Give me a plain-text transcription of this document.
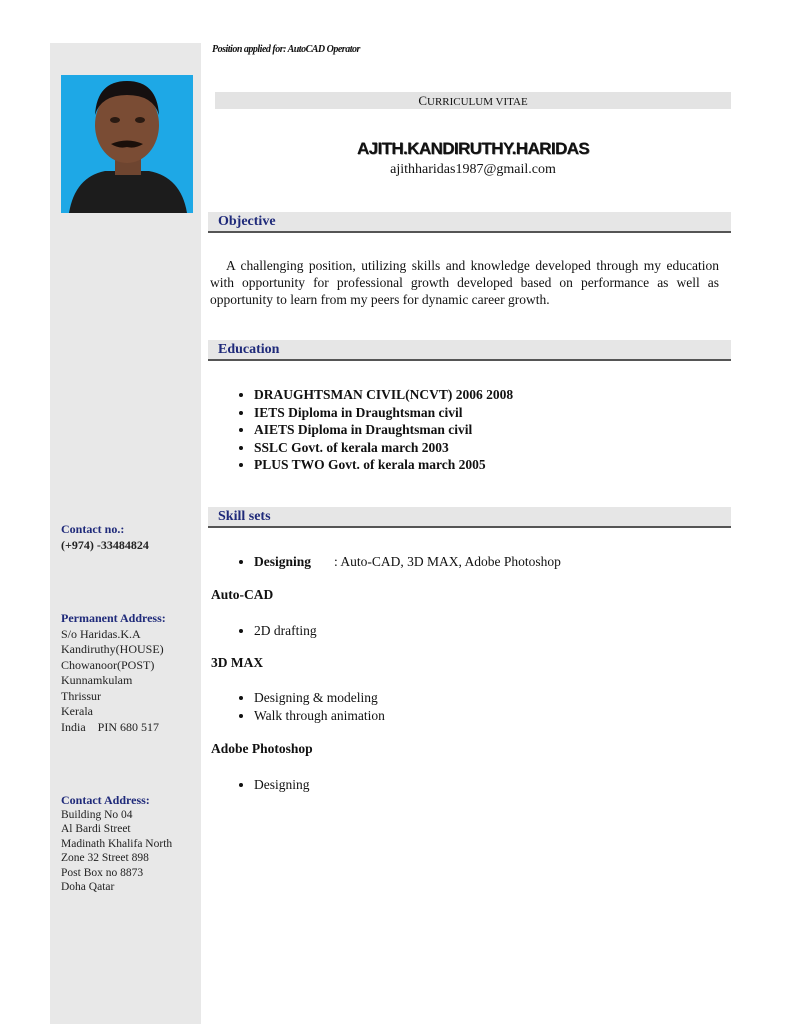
Position applied for: AutoCAD Operator
CURRICULUM VITAE
AJITH.KANDIRUTHY.HARIDAS
ajithharidas1987@gmail.com
Objective
A challenging position, utilizing skills and knowledge developed through my education with opportunity for professional growth developed based on performance as well as opportunity to learn from my peers for dynamic career growth.
Education
• DRAUGHTSMAN CIVIL(NCVT) 2006 2008
• IETS Diploma in Draughtsman civil
• AIETS Diploma in Draughtsman civil
• SSLC Govt. of kerala march 2003
• PLUS TWO Govt. of kerala march 2005
Skill sets
• Designing : Auto-CAD, 3D MAX, Adobe Photoshop
Auto-CAD
• 2D drafting
3D MAX
• Designing & modeling
• Walk through animation
Adobe Photoshop
• Designing
Contact no.:
(+974) -33484824
Permanent Address:
S/o Haridas.K.A
Kandiruthy(HOUSE)
Chowanoor(POST)
Kunnamkulam
Thrissur
Kerala
India    PIN 680 517
Contact Address:
Building No 04
Al Bardi Street
Madinath Khalifa North
Zone 32 Street 898
Post Box no 8873
Doha Qatar
